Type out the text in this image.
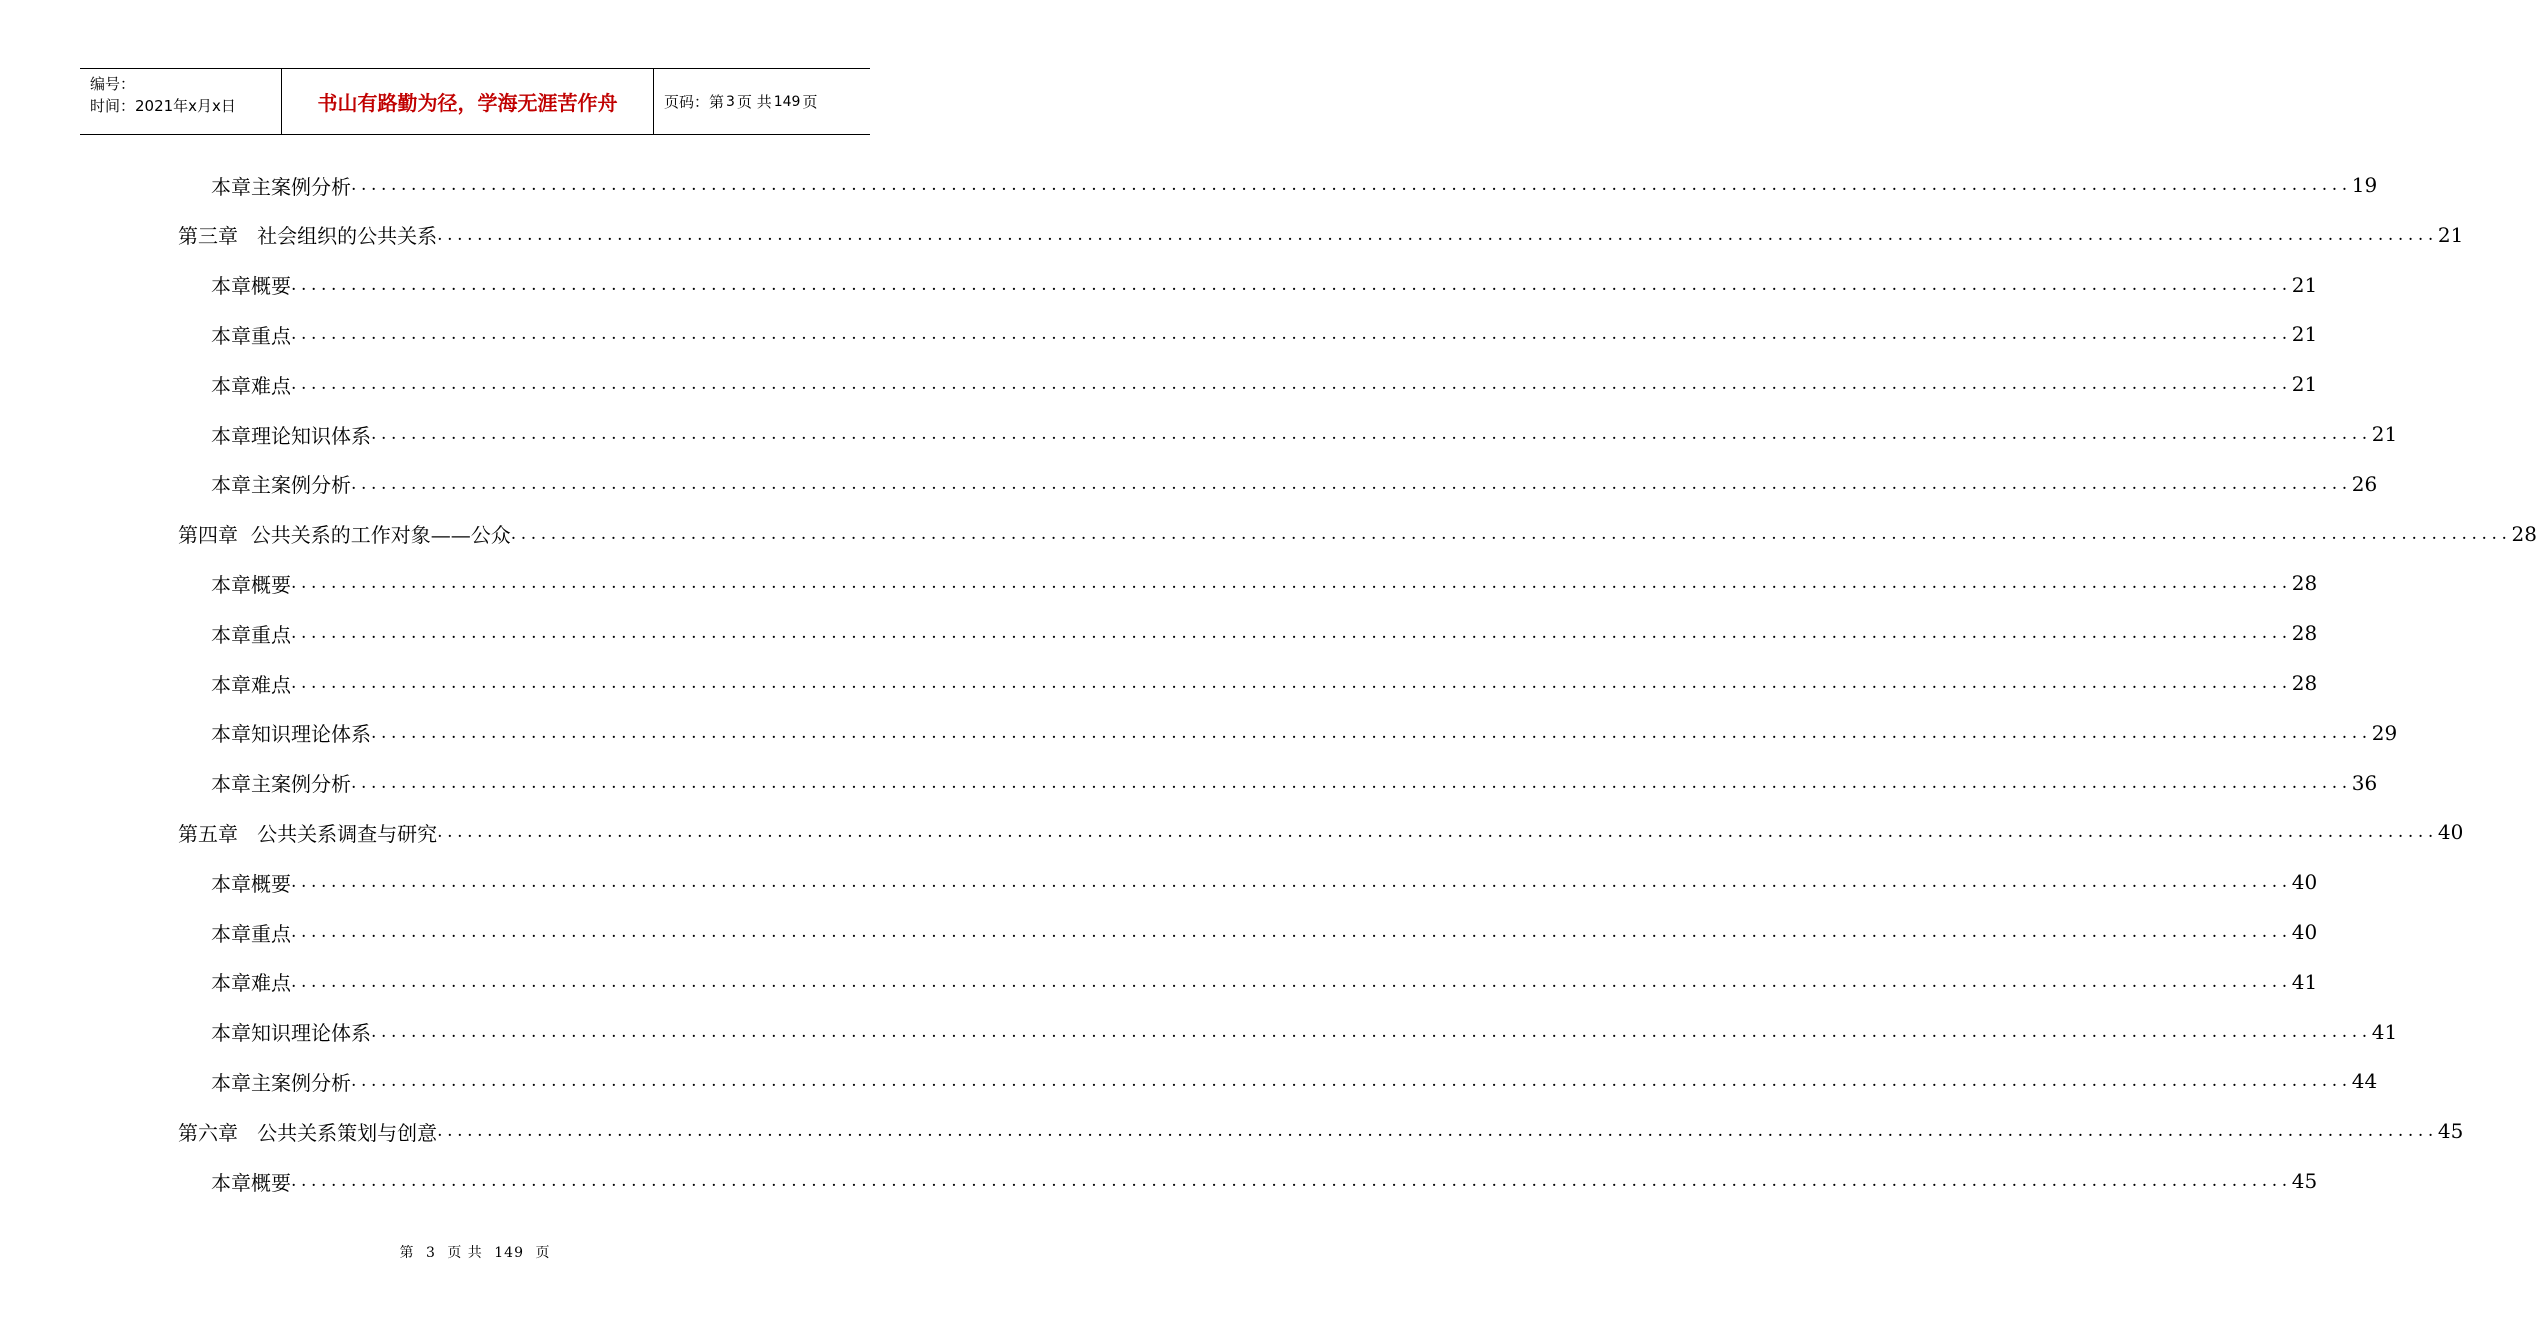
编号：
时间：2021年x月x日	书山有路勤为径，学海无涯苦作舟	页码：第 3 页 共 149 页
本章主案例分析 ........................................................................................................................................................................................................ 19
第三章   社会组织的公共关系 ........................................................................................................................................................................................................ 21
本章概要 ........................................................................................................................................................................................................ 21
本章重点 ........................................................................................................................................................................................................ 21
本章难点 ........................................................................................................................................................................................................ 21
本章理论知识体系 ........................................................................................................................................................................................................ 21
本章主案例分析 ........................................................................................................................................................................................................ 26
第四章  公共关系的工作对象——公众 ........................................................................................................................................................................................................ 28
本章概要 ........................................................................................................................................................................................................ 28
本章重点 ........................................................................................................................................................................................................ 28
本章难点 ........................................................................................................................................................................................................ 28
本章知识理论体系 ........................................................................................................................................................................................................ 29
本章主案例分析 ........................................................................................................................................................................................................ 36
第五章   公共关系调查与研究 ........................................................................................................................................................................................................ 40
本章概要 ........................................................................................................................................................................................................ 40
本章重点 ........................................................................................................................................................................................................ 40
本章难点 ........................................................................................................................................................................................................ 41
本章知识理论体系 ........................................................................................................................................................................................................ 41
本章主案例分析 ........................................................................................................................................................................................................ 44
第六章   公共关系策划与创意 ........................................................................................................................................................................................................ 45
本章概要 ........................................................................................................................................................................................................ 45
第 3 页 共 149 页
